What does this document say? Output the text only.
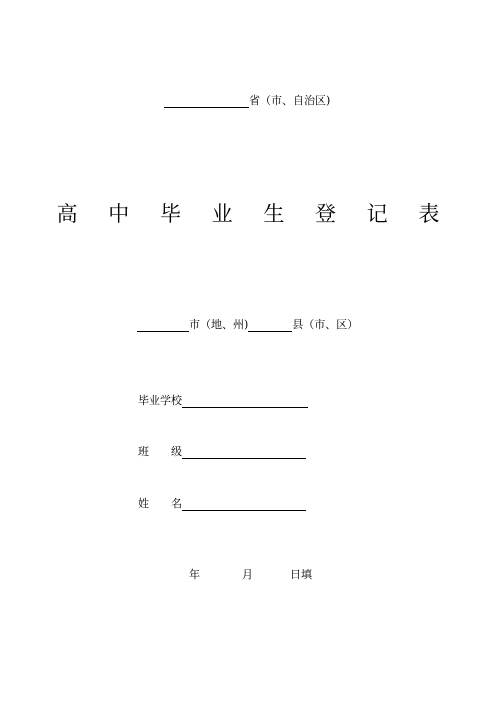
省（市、自治区)
高 中 毕 业 生 登 记 表
市（地、州)	县（市、区）
毕业学校
班　　级
姓　　名
年	月	日填
